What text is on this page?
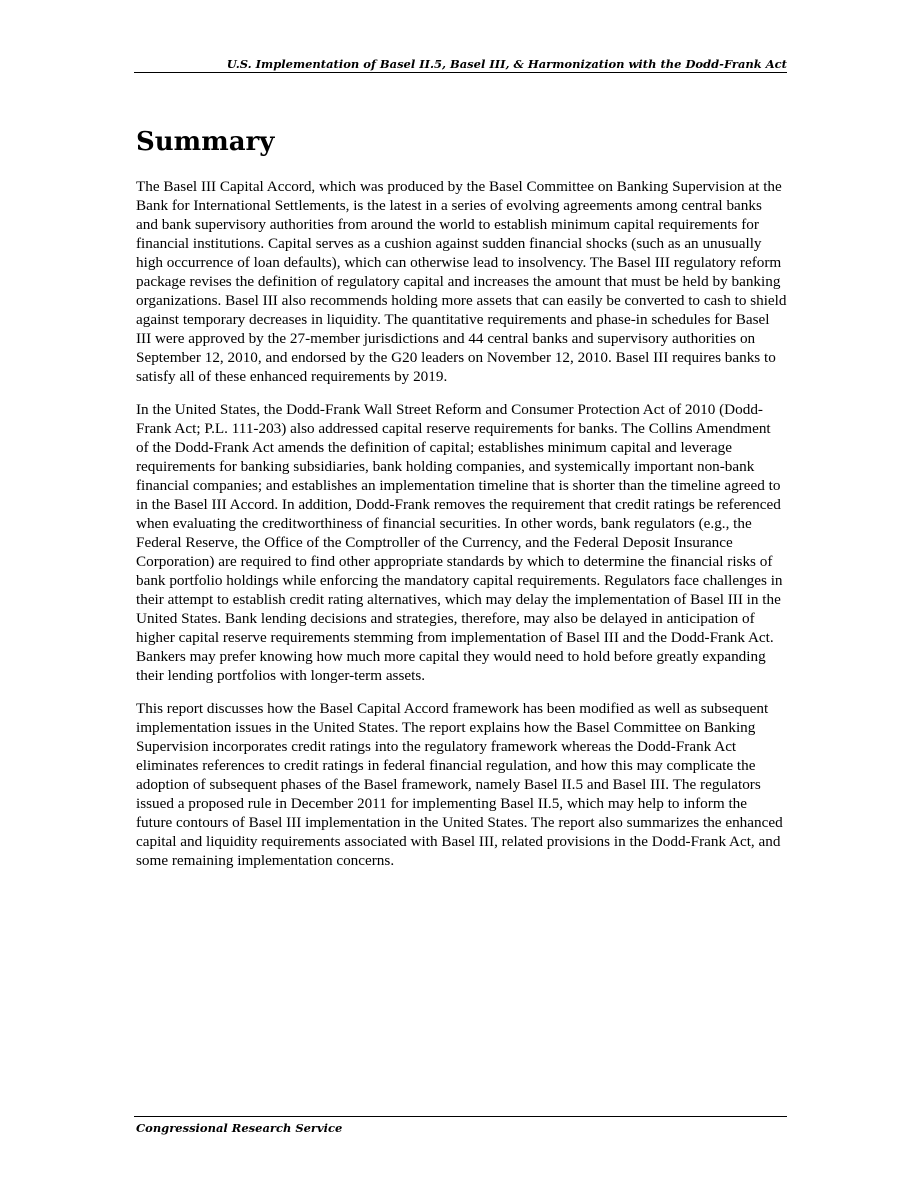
U.S. Implementation of Basel II.5, Basel III, & Harmonization with the Dodd-Frank Act
Summary

The Basel III Capital Accord, which was produced by the Basel Committee on Banking Supervision at the Bank for International Settlements, is the latest in a series of evolving agreements among central banks and bank supervisory authorities from around the world to establish minimum capital requirements for financial institutions. Capital serves as a cushion against sudden financial shocks (such as an unusually high occurrence of loan defaults), which can otherwise lead to insolvency. The Basel III regulatory reform package revises the definition of regulatory capital and increases the amount that must be held by banking organizations. Basel III also recommends holding more assets that can easily be converted to cash to shield against temporary decreases in liquidity. The quantitative requirements and phase-in schedules for Basel III were approved by the 27-member jurisdictions and 44 central banks and supervisory authorities on September 12, 2010, and endorsed by the G20 leaders on November 12, 2010. Basel III requires banks to satisfy all of these enhanced requirements by 2019.

In the United States, the Dodd-Frank Wall Street Reform and Consumer Protection Act of 2010 (Dodd-Frank Act; P.L. 111-203) also addressed capital reserve requirements for banks. The Collins Amendment of the Dodd-Frank Act amends the definition of capital; establishes minimum capital and leverage requirements for banking subsidiaries, bank holding companies, and systemically important non-bank financial companies; and establishes an implementation timeline that is shorter than the timeline agreed to in the Basel III Accord. In addition, Dodd-Frank removes the requirement that credit ratings be referenced when evaluating the creditworthiness of financial securities. In other words, bank regulators (e.g., the Federal Reserve, the Office of the Comptroller of the Currency, and the Federal Deposit Insurance Corporation) are required to find other appropriate standards by which to determine the financial risks of bank portfolio holdings while enforcing the mandatory capital requirements. Regulators face challenges in their attempt to establish credit rating alternatives, which may delay the implementation of Basel III in the United States. Bank lending decisions and strategies, therefore, may also be delayed in anticipation of higher capital reserve requirements stemming from implementation of Basel III and the Dodd-Frank Act. Bankers may prefer knowing how much more capital they would need to hold before greatly expanding their lending portfolios with longer-term assets.

This report discusses how the Basel Capital Accord framework has been modified as well as subsequent implementation issues in the United States. The report explains how the Basel Committee on Banking Supervision incorporates credit ratings into the regulatory framework whereas the Dodd-Frank Act eliminates references to credit ratings in federal financial regulation, and how this may complicate the adoption of subsequent phases of the Basel framework, namely Basel II.5 and Basel III. The regulators issued a proposed rule in December 2011 for implementing Basel II.5, which may help to inform the future contours of Basel III implementation in the United States. The report also summarizes the enhanced capital and liquidity requirements associated with Basel III, related provisions in the Dodd-Frank Act, and some remaining implementation concerns.

Congressional Research Service
